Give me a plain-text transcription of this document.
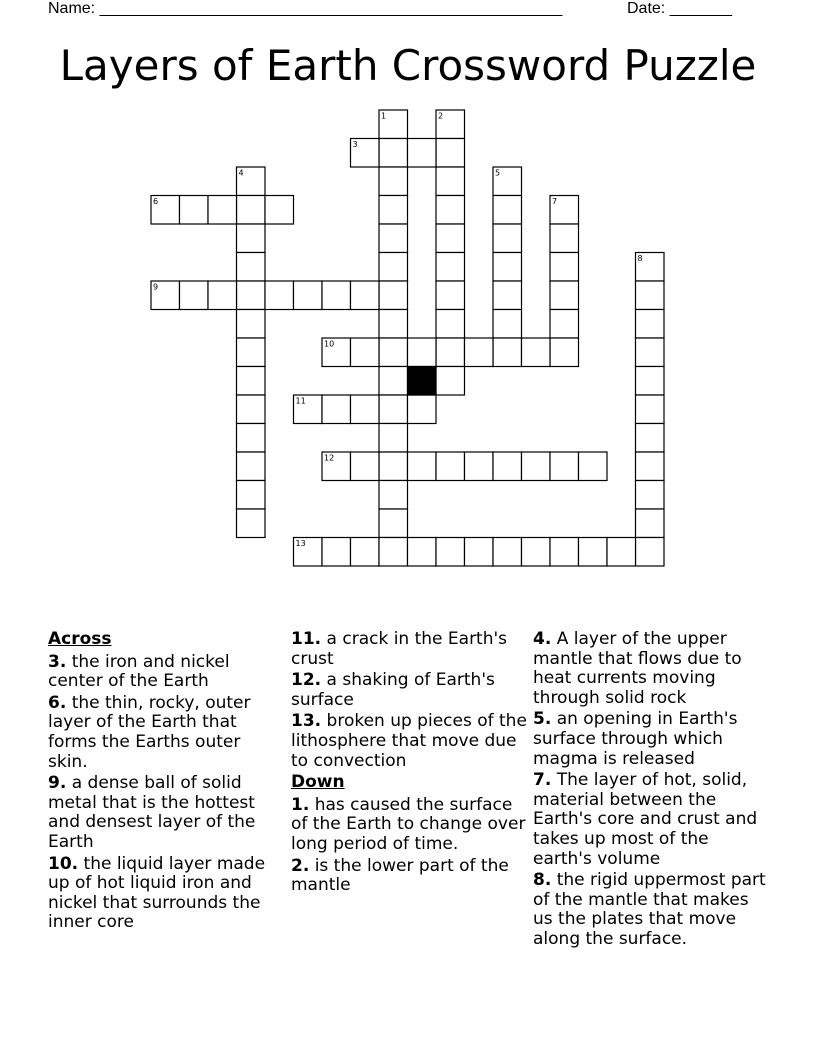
Name: ____________________________________________________	Date: _______
Layers of Earth Crossword Puzzle
1	2
3
4	5
6	7
8
9
10
11
12
13
Across
3. the iron and nickel center of the Earth
6. the thin, rocky, outer layer of the Earth that forms the Earths outer skin.
9. a dense ball of solid metal that is the hottest and densest layer of the Earth
10. the liquid layer made up of hot liquid iron and nickel that surrounds the inner core
11. a crack in the Earth's crust
12. a shaking of Earth's surface
13. broken up pieces of the lithosphere that move due to convection
Down
1. has caused the surface of the Earth to change over long period of time.
2. is the lower part of the mantle
4. A layer of the upper mantle that flows due to heat currents moving through solid rock
5. an opening in Earth's surface through which magma is released
7. The layer of hot, solid, material between the Earth's core and crust and takes up most of the earth's volume
8. the rigid uppermost part of the mantle that makes us the plates that move along the surface.
